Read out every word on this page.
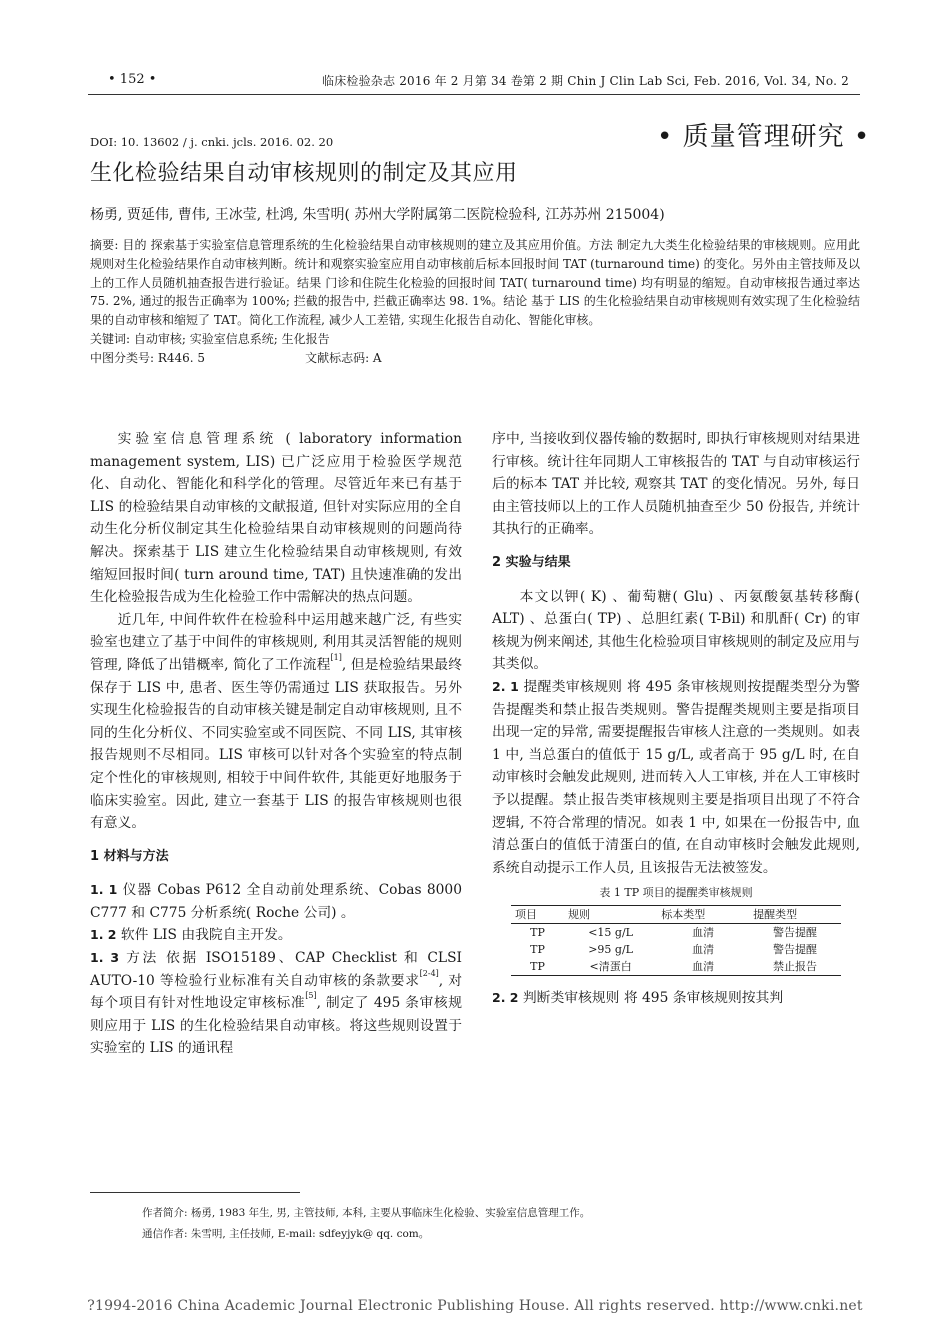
• 152 •	临床检验杂志 2016 年 2 月第 34 卷第 2 期 Chin J Clin Lab Sci, Feb. 2016, Vol. 34, No. 2
• 质量管理研究 •
DOI: 10. 13602 / j. cnki. jcls. 2016. 02. 20
生化检验结果自动审核规则的制定及其应用
杨勇, 贾延伟, 曹伟, 王冰莹, 杜鸿, 朱雪明( 苏州大学附属第二医院检验科, 江苏苏州 215004)

摘要: 目的 探索基于实验室信息管理系统的生化检验结果自动审核规则的建立及其应用价值。方法 制定九大类生化检验结果的审核规则。应用此规则对生化检验结果作自动审核判断。统计和观察实验室应用自动审核前后标本回报时间 TAT (turnaround time) 的变化。另外由主管技师及以上的工作人员随机抽查报告进行验证。结果 门诊和住院生化检验的回报时间 TAT( turnaround time) 均有明显的缩短。自动审核报告通过率达 75. 2%, 通过的报告正确率为 100%; 拦截的报告中, 拦截正确率达 98. 1%。结论 基于 LIS 的生化检验结果自动审核规则有效实现了生化检验结果的自动审核和缩短了 TAT。简化工作流程, 减少人工差错, 实现生化报告自动化、智能化审核。

关键词: 自动审核; 实验室信息系统; 生化报告

中图分类号: R446. 5	文献标志码: A

实验室信息管理系统 ( laboratory information management system, LIS) 已广泛应用于检验医学规范化、自动化、智能化和科学化的管理。尽管近年来已有基于 LIS 的检验结果自动审核的文献报道, 但针对实际应用的全自动生化分析仪制定其生化检验结果自动审核规则的问题尚待解决。探索基于 LIS 建立生化检验结果自动审核规则, 有效缩短回报时间( turn around time, TAT) 且快速准确的发出生化检验报告成为生化检验工作中需解决的热点问题。

近几年, 中间件软件在检验科中运用越来越广泛, 有些实验室也建立了基于中间件的审核规则, 利用其灵活智能的规则管理, 降低了出错概率, 简化了工作流程[1], 但是检验结果最终保存于 LIS 中, 患者、医生等仍需通过 LIS 获取报告。另外实现生化检验报告的自动审核关键是制定自动审核规则, 且不同的生化分析仪、不同实验室或不同医院、不同 LIS, 其审核报告规则不尽相同。LIS 审核可以针对各个实验室的特点制定个性化的审核规则, 相较于中间件软件, 其能更好地服务于临床实验室。因此, 建立一套基于 LIS 的报告审核规则也很有意义。

1 材料与方法

1. 1 仪器 Cobas P612 全自动前处理系统、Cobas 8000 C777 和 C775 分析系统( Roche 公司) 。

1. 2 软件 LIS 由我院自主开发。

1. 3 方法 依据 ISO15189、CAP Checklist 和 CLSI AUTO-10 等检验行业标准有关自动审核的条款要求[2-4], 对每个项目有针对性地设定审核标准[5], 制定了 495 条审核规则应用于 LIS 的生化检验结果自动审核。将这些规则设置于实验室的 LIS 的通讯程

序中, 当接收到仪器传输的数据时, 即执行审核规则对结果进行审核。统计往年同期人工审核报告的 TAT 与自动审核运行后的标本 TAT 并比较, 观察其 TAT 的变化情况。另外, 每日由主管技师以上的工作人员随机抽查至少 50 份报告, 并统计其执行的正确率。

2 实验与结果

本文以钾( K) 、葡萄糖( Glu) 、丙氨酸氨基转移酶( ALT) 、总蛋白( TP) 、总胆红素( T-Bil) 和肌酐( Cr) 的审核规为例来阐述, 其他生化检验项目审核规则的制定及应用与其类似。

2. 1 提醒类审核规则 将 495 条审核规则按提醒类型分为警告提醒类和禁止报告类规则。警告提醒类规则主要是指项目出现一定的异常, 需要提醒报告审核人注意的一类规则。如表 1 中, 当总蛋白的值低于 15 g/L, 或者高于 95 g/L 时, 在自动审核时会触发此规则, 进而转入人工审核, 并在人工审核时予以提醒。禁止报告类审核规则主要是指项目出现了不符合逻辑, 不符合常理的情况。如表 1 中, 如果在一份报告中, 血清总蛋白的值低于清蛋白的值, 在自动审核时会触发此规则, 系统自动提示工作人员, 且该报告无法被签发。

表 1 TP 项目的提醒类审核规则
项目	规则	标本类型	提醒类型
TP	<15 g/L	血清	警告提醒
TP	>95 g/L	血清	警告提醒
TP	<清蛋白	血清	禁止报告

2. 2 判断类审核规则 将 495 条审核规则按其判

作者简介: 杨勇, 1983 年生, 男, 主管技师, 本科, 主要从事临床生化检验、实验室信息管理工作。
通信作者: 朱雪明, 主任技师, E-mail: sdfeyjyk@ qq. com。
?1994-2016 China Academic Journal Electronic Publishing House. All rights reserved. http://www.cnki.net
